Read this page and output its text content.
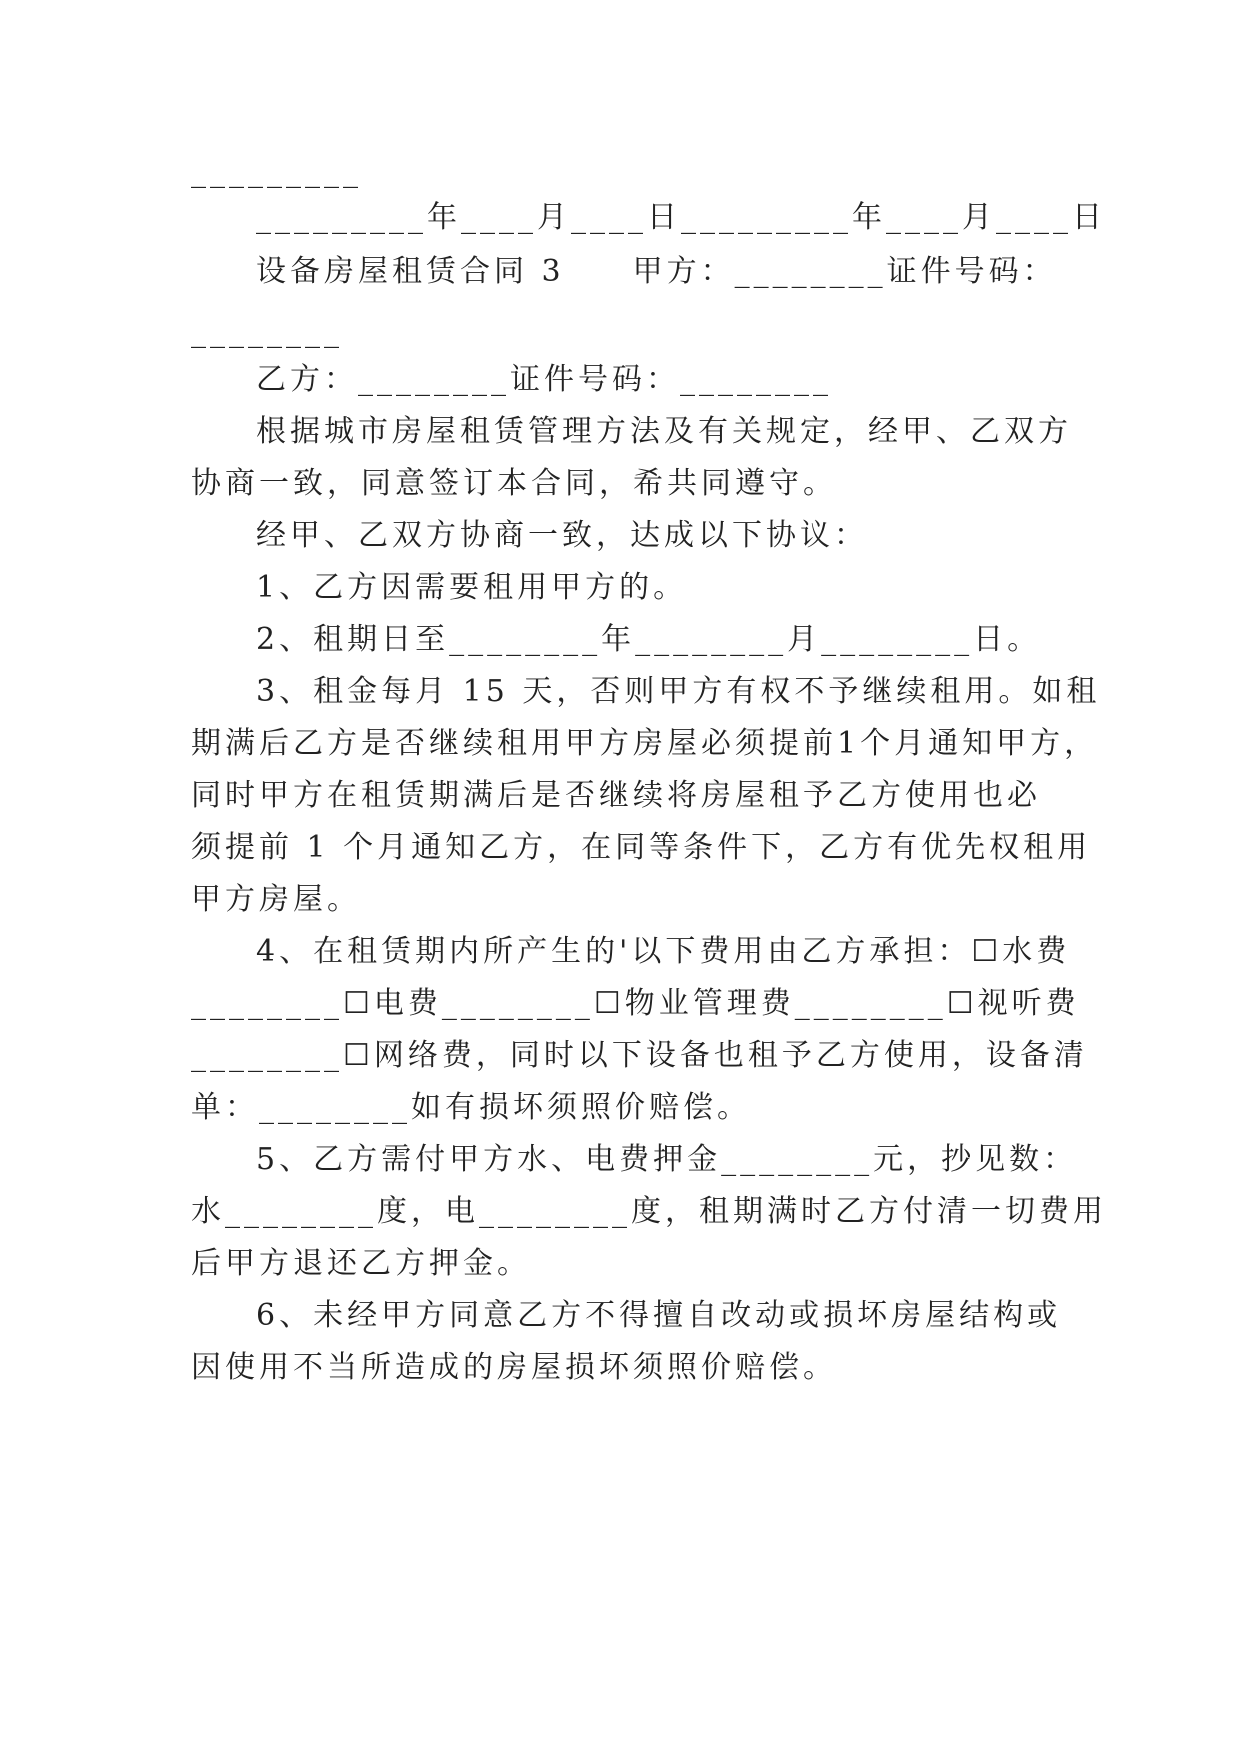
_________
_________年____月____日_________年____月____日
设备房屋租赁合同 3　　甲方：________证件号码：
________
乙方：________证件号码：________
根据城市房屋租赁管理方法及有关规定，经甲、乙双方
协商一致，同意签订本合同，希共同遵守。
经甲、乙双方协商一致，达成以下协议：
1、乙方因需要租用甲方的。
2、租期日至________年________月________日。
3、租金每月 15 天，否则甲方有权不予继续租用。如租
期满后乙方是否继续租用甲方房屋必须提前1个月通知甲方，
同时甲方在租赁期满后是否继续将房屋租予乙方使用也必
须提前 1 个月通知乙方，在同等条件下，乙方有优先权租用
甲方房屋。
4、在租赁期内所产生的'以下费用由乙方承担：☐水费
________☐电费________☐物业管理费________☐视听费
________☐网络费，同时以下设备也租予乙方使用，设备清
单：________如有损坏须照价赔偿。
5、乙方需付甲方水、电费押金________元，抄见数：
水________度，电________度，租期满时乙方付清一切费用
后甲方退还乙方押金。
6、未经甲方同意乙方不得擅自改动或损坏房屋结构或
因使用不当所造成的房屋损坏须照价赔偿。
